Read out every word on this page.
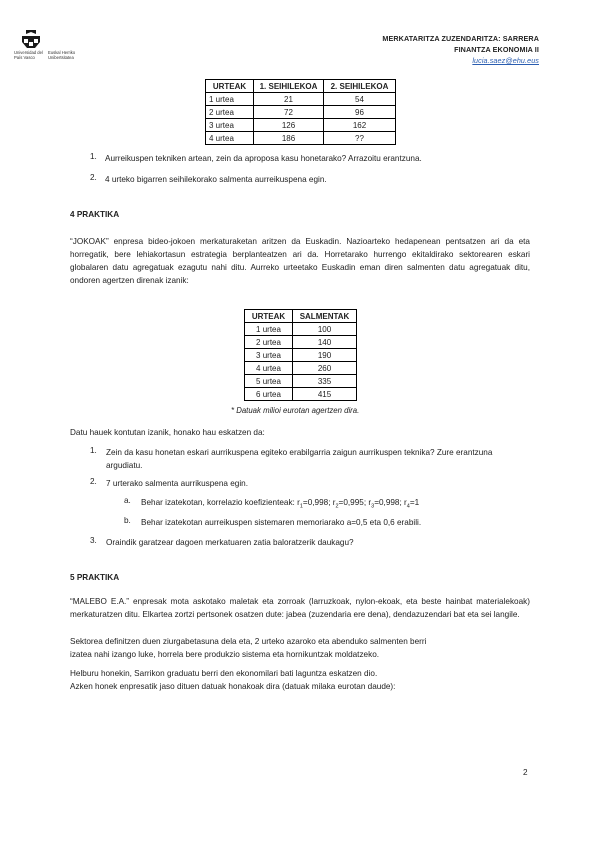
Universidad del País Vasco
Euskal Herriko Unibertsitatea
MERKATARITZA ZUZENDARITZA: SARRERA
FINANTZA EKONOMIA II
lucia.saez@ehu.eus
URTEAK	1. SEIHILEKOA	2. SEIHILEKOA
1 urtea	21	54
2 urtea	72	96
3 urtea	126	162
4 urtea	186	??
1. Aurreikuspen tekniken artean, zein da aproposa kasu honetarako? Arrazoitu erantzuna.

2. 4 urteko bigarren seihilekorako salmenta aurreikuspena egin.

4 PRAKTIKA

“JOKOAK” enpresa bideo-jokoen merkaturaketan aritzen da Euskadin. Nazioarteko hedapenean pentsatzen ari da eta horregatik, bere lehiakortasun estrategia berplanteatzen ari da. Horretarako hurrengo ekitaldirako sektorearen eskari globalaren datu agregatuak ezagutu nahi ditu. Aurreko urteetako Euskadin eman diren salmenten datu agregatuak ditu, ondoren agertzen direnak izanik:

URTEAK	SALMENTAK
1 urtea	100
2 urtea	140
3 urtea	190
4 urtea	260
5 urtea	335
6 urtea	415

* Datuak milioi eurotan agertzen dira.

Datu hauek kontutan izanik, honako hau eskatzen da:

1. Zein da kasu honetan eskari aurrikuspena egiteko erabilgarria zaigun aurrikuspen teknika? Zure erantzuna argudiatu.

2. 7 urterako salmenta aurrikuspena egin.

a. Behar izatekotan, korrelazio koefizienteak: $r_1=0,998$; $r_2=0,995$; $r_3=0,998$; $r_4=1$

b. Behar izatekotan aurreikuspen sistemaren memoriarako a=0,5 eta 0,6 erabili.

3. Oraindik garatzear dagoen merkatuaren zatia baloratzerik daukagu?

5 PRAKTIKA

“MALEBO E.A.” enpresak mota askotako maletak eta zorroak (larruzkoak, nylon-ekoak, eta beste hainbat materialekoak) merkaturatzen ditu. Elkartea zortzi pertsonek osatzen dute: jabea (zuzendaria ere dena), dendazuzendari bat eta sei langile.

Sektorea definitzen duen ziurgabetasuna dela eta, 2 urteko azaroko eta abenduko salmenten berri

izatea nahi izango luke, horrela bere produkzio sistema eta hornikuntzak moldatzeko.

Helburu honekin, Sarrikon graduatu berri den ekonomilari bati laguntza eskatzen dio.

Azken honek enpresatik jaso dituen datuak honakoak dira (datuak milaka eurotan daude):

2
